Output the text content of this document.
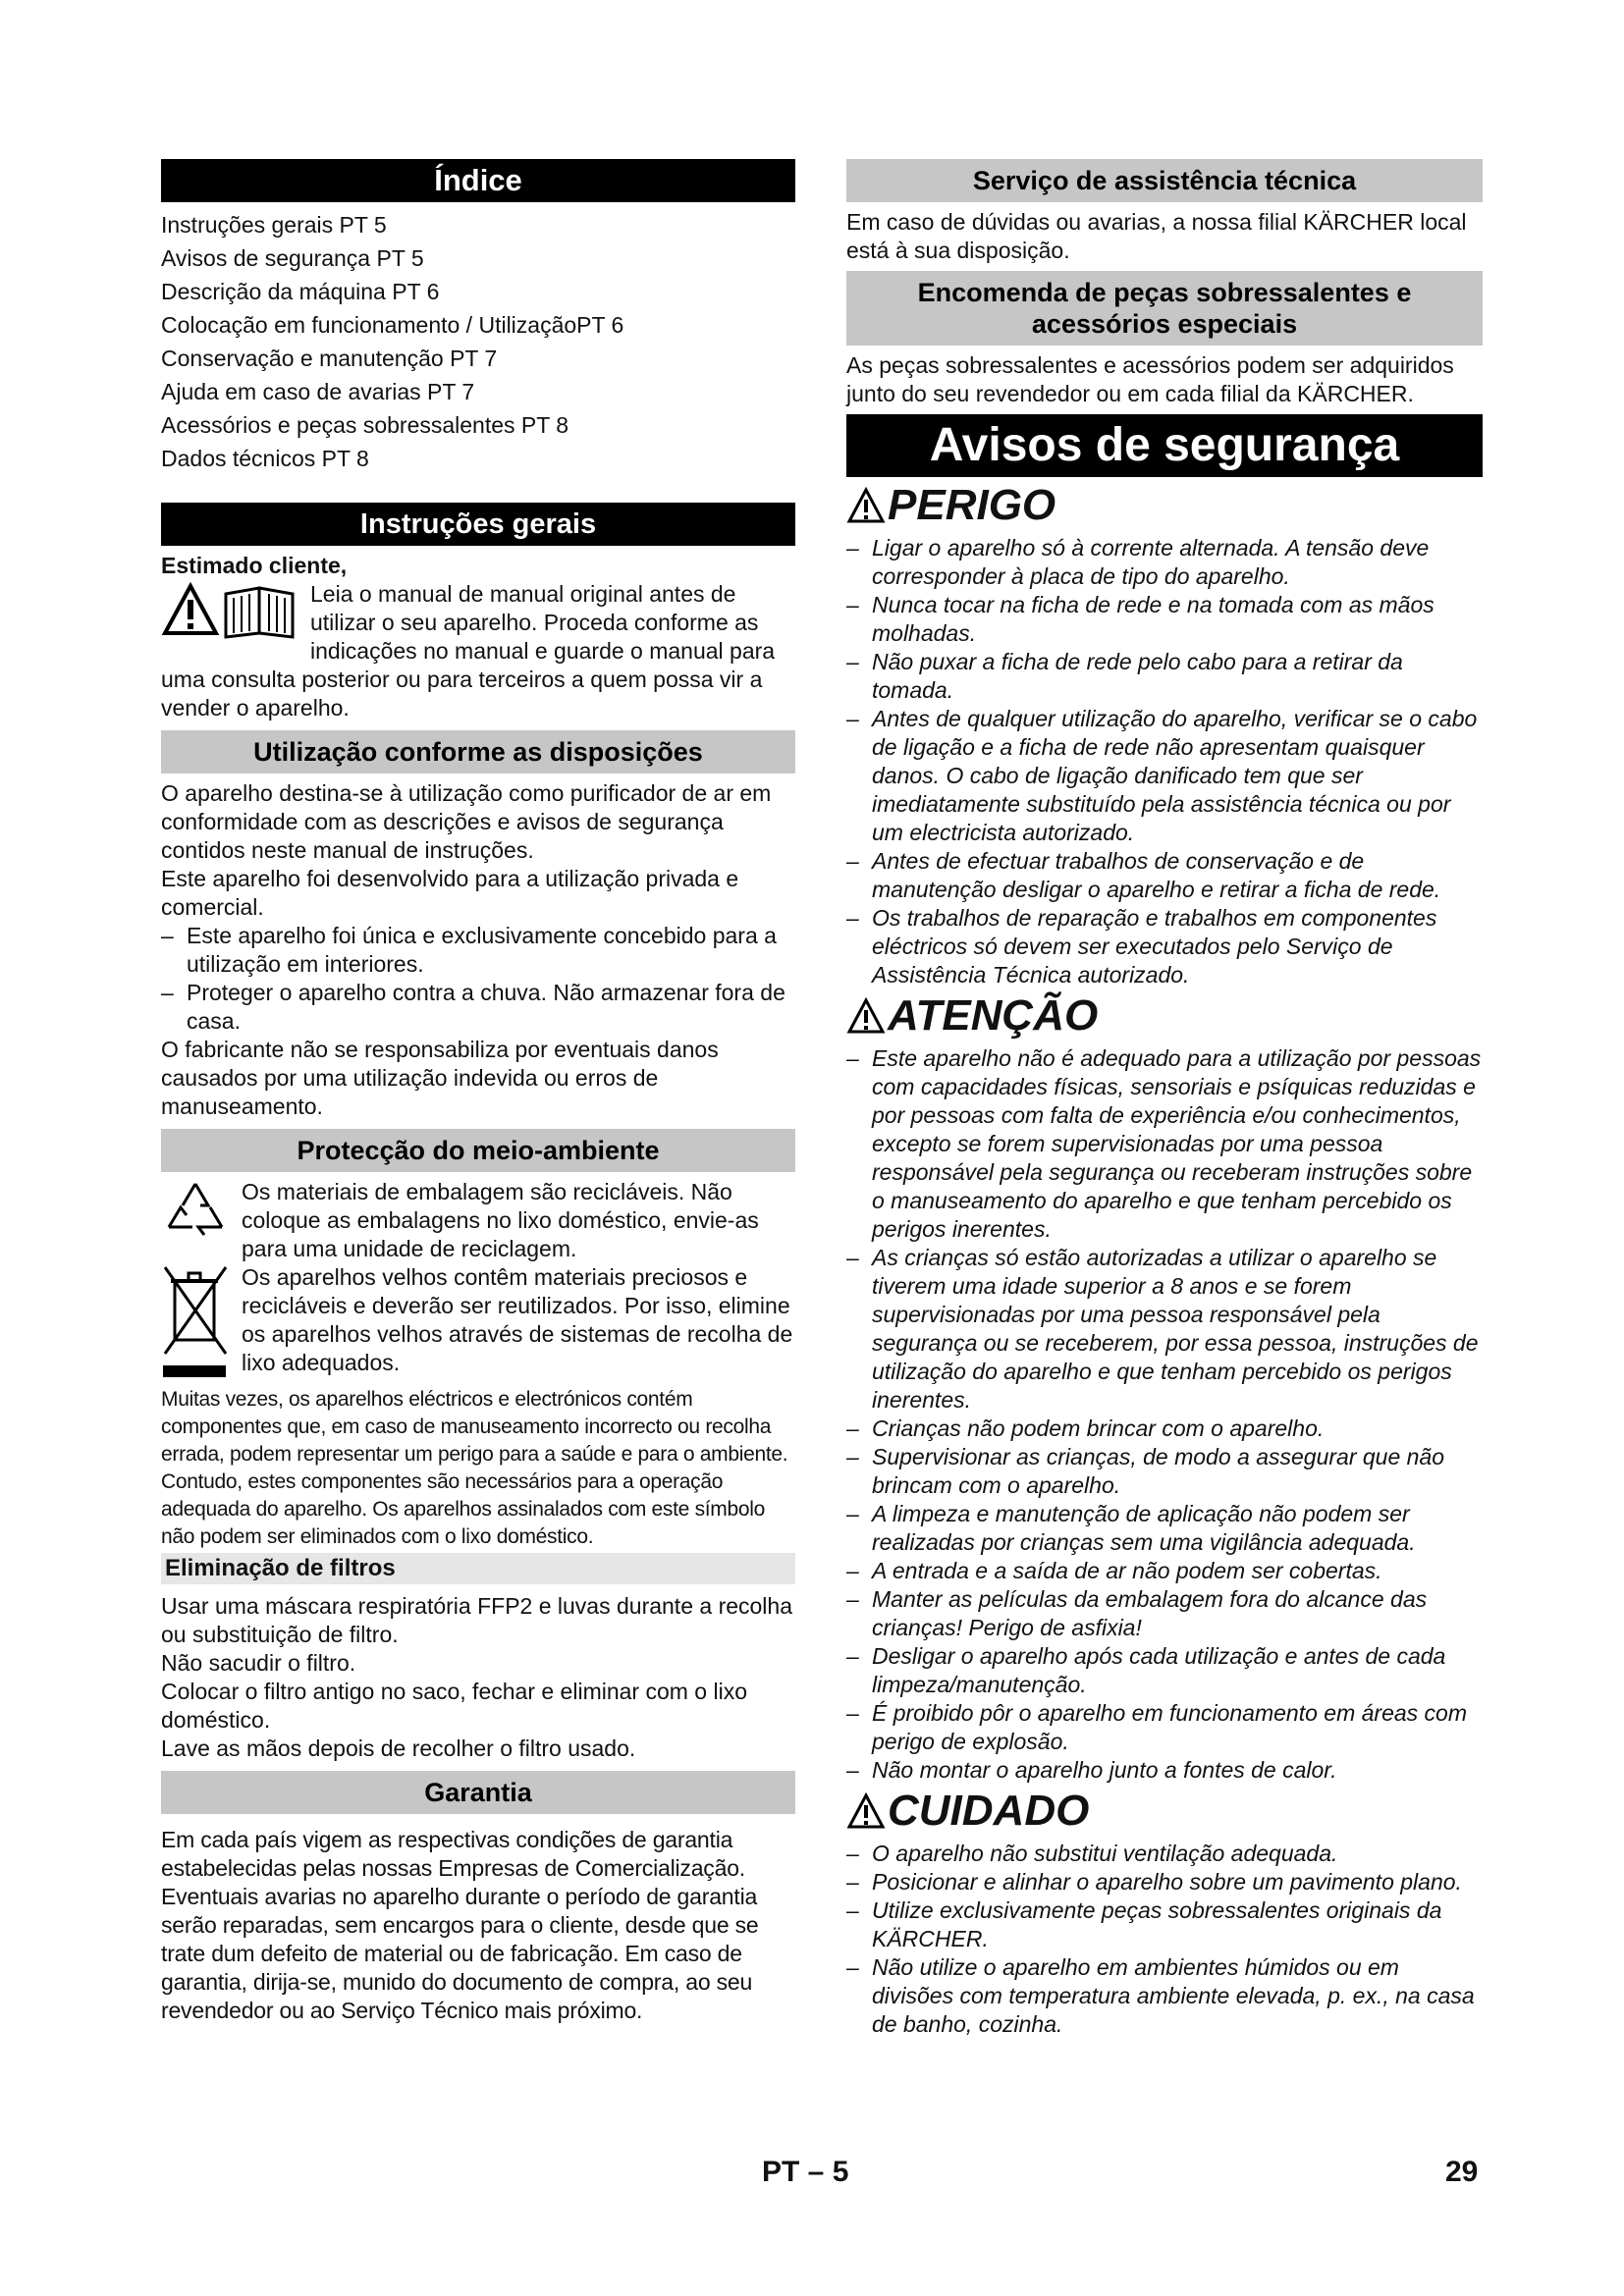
Índice
Instruções gerais PT 5
Avisos de segurança PT 5
Descrição da máquina PT 6
Colocação em funcionamento / UtilizaçãoPT 6
Conservação e manutenção PT 7
Ajuda em caso de avarias PT 7
Acessórios e peças sobressalentes PT 8
Dados técnicos PT 8
Instruções gerais

Estimado cliente,

Leia o manual de manual original antes de utilizar o seu aparelho. Proceda conforme as indicações no manual e guarde o manual para uma consulta posterior ou para terceiros a quem possa vir a vender o aparelho.

Utilização conforme as disposições

O aparelho destina-se à utilização como purificador de ar em conformidade com as descrições e avisos de segurança contidos neste manual de instruções.

Este aparelho foi desenvolvido para a utilização privada e comercial.

– Este aparelho foi única e exclusivamente concebido para a utilização em interiores.
– Proteger o aparelho contra a chuva. Não armazenar fora de casa.

O fabricante não se responsabiliza por eventuais danos causados por uma utilização indevida ou erros de manuseamento.

Protecção do meio-ambiente

Os materiais de embalagem são recicláveis. Não coloque as embalagens no lixo doméstico, envie-as para uma unidade de reciclagem.

Os aparelhos velhos contêm materiais preciosos e recicláveis e deverão ser reutilizados. Por isso, elimine os aparelhos velhos através de sistemas de recolha de lixo adequados.

Muitas vezes, os aparelhos eléctricos e electrónicos contém componentes que, em caso de manuseamento incorrecto ou recolha errada, podem representar um perigo para a saúde e para o ambiente. Contudo, estes componentes são necessários para a operação adequada do aparelho. Os aparelhos assinalados com este símbolo não podem ser eliminados com o lixo doméstico.

Eliminação de filtros

Usar uma máscara respiratória FFP2 e luvas durante a recolha ou substituição de filtro.

Não sacudir o filtro.

Colocar o filtro antigo no saco, fechar e eliminar com o lixo doméstico.

Lave as mãos depois de recolher o filtro usado.

Garantia

Em cada país vigem as respectivas condições de garantia estabelecidas pelas nossas Empresas de Comercialização. Eventuais avarias no aparelho durante o período de garantia serão reparadas, sem encargos para o cliente, desde que se trate dum defeito de material ou de fabricação. Em caso de garantia, dirija-se, munido do documento de compra, ao seu revendedor ou ao Serviço Técnico mais próximo.

Serviço de assistência técnica

Em caso de dúvidas ou avarias, a nossa filial KÄRCHER local está à sua disposição.

Encomenda de peças sobressalentes e acessórios especiais

As peças sobressalentes e acessórios podem ser adquiridos junto do seu revendedor ou em cada filial da KÄRCHER.

Avisos de segurança
PERIGO
– Ligar o aparelho só à corrente alternada. A tensão deve corresponder à placa de tipo do aparelho.
– Nunca tocar na ficha de rede e na tomada com as mãos molhadas.
– Não puxar a ficha de rede pelo cabo para a retirar da tomada.
– Antes de qualquer utilização do aparelho, verificar se o cabo de ligação e a ficha de rede não apresentam quaisquer danos. O cabo de ligação danificado tem que ser imediatamente substituído pela assistência técnica ou por um electricista autorizado.
– Antes de efectuar trabalhos de conservação e de manutenção desligar o aparelho e retirar a ficha de rede.
– Os trabalhos de reparação e trabalhos em componentes eléctricos só devem ser executados pelo Serviço de Assistência Técnica autorizado.
ATENÇÃO
– Este aparelho não é adequado para a utilização por pessoas com capacidades físicas, sensoriais e psíquicas reduzidas e por pessoas com falta de experiência e/ou conhecimentos, excepto se forem supervisionadas por uma pessoa responsável pela segurança ou receberam instruções sobre o manuseamento do aparelho e que tenham percebido os perigos inerentes.
– As crianças só estão autorizadas a utilizar o aparelho se tiverem uma idade superior a 8 anos e se forem supervisionadas por uma pessoa responsável pela segurança ou se receberem, por essa pessoa, instruções de utilização do aparelho e que tenham percebido os perigos inerentes.
– Crianças não podem brincar com o aparelho.
– Supervisionar as crianças, de modo a assegurar que não brincam com o aparelho.
– A limpeza e manutenção de aplicação não podem ser realizadas por crianças sem uma vigilância adequada.
– A entrada e a saída de ar não podem ser cobertas.
– Manter as películas da embalagem fora do alcance das crianças! Perigo de asfixia!
– Desligar o aparelho após cada utilização e antes de cada limpeza/manutenção.
– É proibido pôr o aparelho em funcionamento em áreas com perigo de explosão.
– Não montar o aparelho junto a fontes de calor.
CUIDADO
– O aparelho não substitui ventilação adequada.
– Posicionar e alinhar o aparelho sobre um pavimento plano.
– Utilize exclusivamente peças sobressalentes originais da KÄRCHER.
– Não utilize o aparelho em ambientes húmidos ou em divisões com temperatura ambiente elevada, p. ex., na casa de banho, cozinha.
PT – 5	29
